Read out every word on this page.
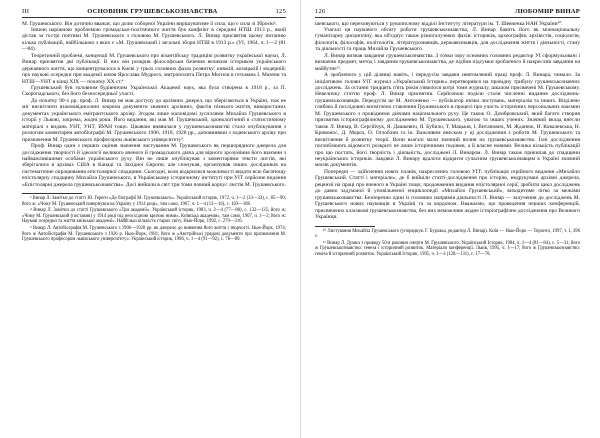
III	ОСНОВНИК ГРУШЕВСЬКОЗНАВСТВА	125

М. Грушевського. Він дотично вважає, що долю соборної України вирішуватиме її сила, що є сила зі Зброєю³.

Іншою наріжною проблемою громадсько-політичного життя був конфлікт в середині НТШ 1913 р., який дістав за гострі поетики М. Грушевського з головою М. Грушевського. Л. Винар присвятив цьому питанню кілька публікацій, найбільшою з яких є «М. Грушевський і загальні збори НТШ в 1913 р.» (УІ, 1964, ч. 1—2 (81—84).

Теоретичній проблемі, концепції М. Грушевського про візантійську традицію розвитку української науки, Л. Винар присвятив дві публікації. В них він розкрив філософськи бачення великим істориком українського державного життя, що концентрувалося в Києві у трьох головних фазах розвитку: княжій, козацькій і модерній; про наукові осередки при академії князя Ярослава Мудрого, митрополита Петра Могили в гетьмана І. Мазепи та НТШ—УНТ в кінці ХІХ — початку ХХ ст.⁴

Грушевський був головним будівничим Української Академії наук, яка була створена в 1918 р., за П. Скоропадського, без його безпосередньої участі.

До початку 90-х рр. проф. Л. Винар не мав доступу до архівних джерел, що зберігаються в Україні, тож не міг висвітлити взаємовідносини зокрема документи значних архівних, фактів пізнього життя, використаних документах українського емігрантського архіву. Згодом лише маловідомі зусиллями Михайла Грушевського в історії у Львові, зокрема, жодні роки. Його видання, які мав М. Грушевський, хронологічний в статистичному матеріалі з видань УНТ, УНТ, ВУАН тощо. Цікавою виявилася у грушевськознавстві стало опублікування з розлогим коментарем автобіографії М. Грушевського 1906, 1918, 1928 рр., доповнивши з зоденського архіву про призначення М. Грушевського професором львівського університету⁵.

Проф. Винар один з перших оцінив значення листування М. Грушевського як першорядного джерела для дослідження творчості й ідеології великого вченого й громадського діяча для вірного зрозуміння його взаємин з найважливішими особами українського руху. Він не лише опублікував з коментарями тексти листів, які зберігалися в архівах США в Канаді та Західної Європи, але спонукав, організував інших дослідників на систематичне опрацювання епістолярної спадщини. Сьогодні, коли відкрилися можливості видати всю багатющу епістолярну спадщину Михайла Грушевського, в Українському історичному інституті при УІТ серйозне видання «Епістолярні джерела грушевськознавства». Досі вийшли в світ три томи повний корпус листів М. Грушевського.

³ Винар Л. Замітки до статті Ю. Гереги «До біографії М. Грушевського». Український історик, 1972, ч. 1—2 (33—34), с. 85—90; його ж: «Чому М. Грушевський повернувся на Україну у 1914 році», там само, 1967, ч. 1—4 (13—16), с. 103—108.

⁴ Винар Л. Замітки до статті Грушевського «Три академії». Український історик, 1983, ч. 2—4 (77—80), с. 132—135; його ж: «Чому М. Грушевський (поставив) у 1914 році під неосхідною кризою ними». Київська академія», там само, 1967, ч. 1—2; його ж: Наукові осередки та життя київської академії». Найбільш кількість старих світу. Нью-Йорк, 1992, с. 279—316.

⁵ Винар Л. Автобіографія М. Грушевського з 1906—1920 рр. як джерело до вивчення його життя і творчості. Нью-Йорк, 1974; його ж Автобіографія М. Грушевського з 1926 р. Нью-Йорк, 1981; його ж «Австрійські урядові документи про призначення М. Грушевського професором львівського університету». Український історик, 1986, ч. 1—4 (91—92), с. 76—89.

126	ЛЮБОМИР ВИНАР

шевського, що переховуються у рукописному відділі Інституту літератури ім. Т. Шевченка НАН України¹⁰.

Узагалі ця наукового обсягу роботи грушевськознавства, Л. Винар бачить його як міжнаціональну гуманітарну дисципліну, яка об'єднує також різногалузевих фахів: істориків, археографів, архівістів, соціологів, філологів, філософів, політологів, літературознавців, державознавців, для дослідження життя і діяльності, стану та діяльності та праць Михайла Грушевського.

Л. Винар визнав завдання грушевськознавства. З точки зору основних головних редактор УІ сформульовані і визначив предмет, метод і завдання грушевськознавства, де підбив підсумки зробленого й накреслив завдання на майбутнє¹¹.

А зробленого у цій ділянці навіть, і передусім завдяки невтомленнй праці проф. Л. Винара, чимало. За ініціативою голови УІТ журнал «Український Історик» перетворився на провідну трибуну грушевськознавчих досліджень. За останні тридцять п'ять років з'явилося котрі томи журналу, шкалом присвячені М. Грушевському. Невеличку статтю проф. Л. Винар присвятив. Серйозною подією стали численні видання досліджень-грушевськознавців. Передусім це М. Антоненко — публікатор низки листувань, матеріалів та інших. Виділено глибоко й послідовно висвітлено ставлення Грушевського в процесі про участь історичних персональних взаємин М. Грушевського з провідними діячами національного руху. Це також О. Домбровський, який багато створив присвятив історіографічному дослідженню М. Грушевського, увагою та інших учених. Значний вклад внесли також Л. Винар, В. Сергійчук, Я. Дашкевич, Я. Бубило, Т. Мацьків, І. Витанович, М. Жданюк, Н. Ковалевська, Н. Кривонос, Д. Мороз, О. Оглоблин та ін. Важливим внеском у ці дослідження є роботи М. Грушевського та висвітлення й розвитку теорії. Вони взагалі мали значний вплив на грушевськознавство. Їхні дослідження поглиблюють відомості розкриті не лише історичними подіями, а й власне новими. Велика кількість публікацій про цю постать, його творчість і діяльність, досліджені Л. Винаром. Л. Винар також прикипав до спадщини неукраїнських істориків. Завдяки Л. Винару вдалося відкрити сучасним грушевськознавцям в Україні значний масив документів.

Попередні — здійснення нових планів, накреслених головою УІТ: публікація серійного видання «Михайло Грушевський. Статті і матеріали», де б вийшли статті-дослідження про історію, недрукувані архівні джерела, рецензії на праці про вченого в Україні тощо; продовження видання епістолярної серії; зробити цикл досліджень до давно задуманої й уповільненої енциклопедії «Михайло Грушевський», виходитиме чітко за межами грушевськознавства. Безперечно один із головних напрямів діяльності Л. Винар — залучення до досліджень М. Грушевського нових науковців в Україні та за кордоном. Вважаємо, що проведення перших конференцій, присвячених класикові грушевськознавства, без них неможливе жодне історіографічне дослідження про Великого Українця.

¹⁰ Листування Михайла Грушевського (упорядкув. Г. Бурлака, редактор Л. Винар). Київ — Нью-Йорк — Торонто, 1997, т. 1, 396 с.

¹¹ Винар Л. Думки з приводу 50-я роковин смерти М. Грушевського. Український Історик, 1984, ч. 1—4 (81—84), с. 5—31; його ж Грушевськознавство: генеза і історичний розвиток. Матеріали конференції. Львів, 1995, ч. 1—17; його ж Грушевськознавство: генеза й історичний розвиток. Український Історик, 1995, ч. 1—4 (128—131), с. 17—78.
